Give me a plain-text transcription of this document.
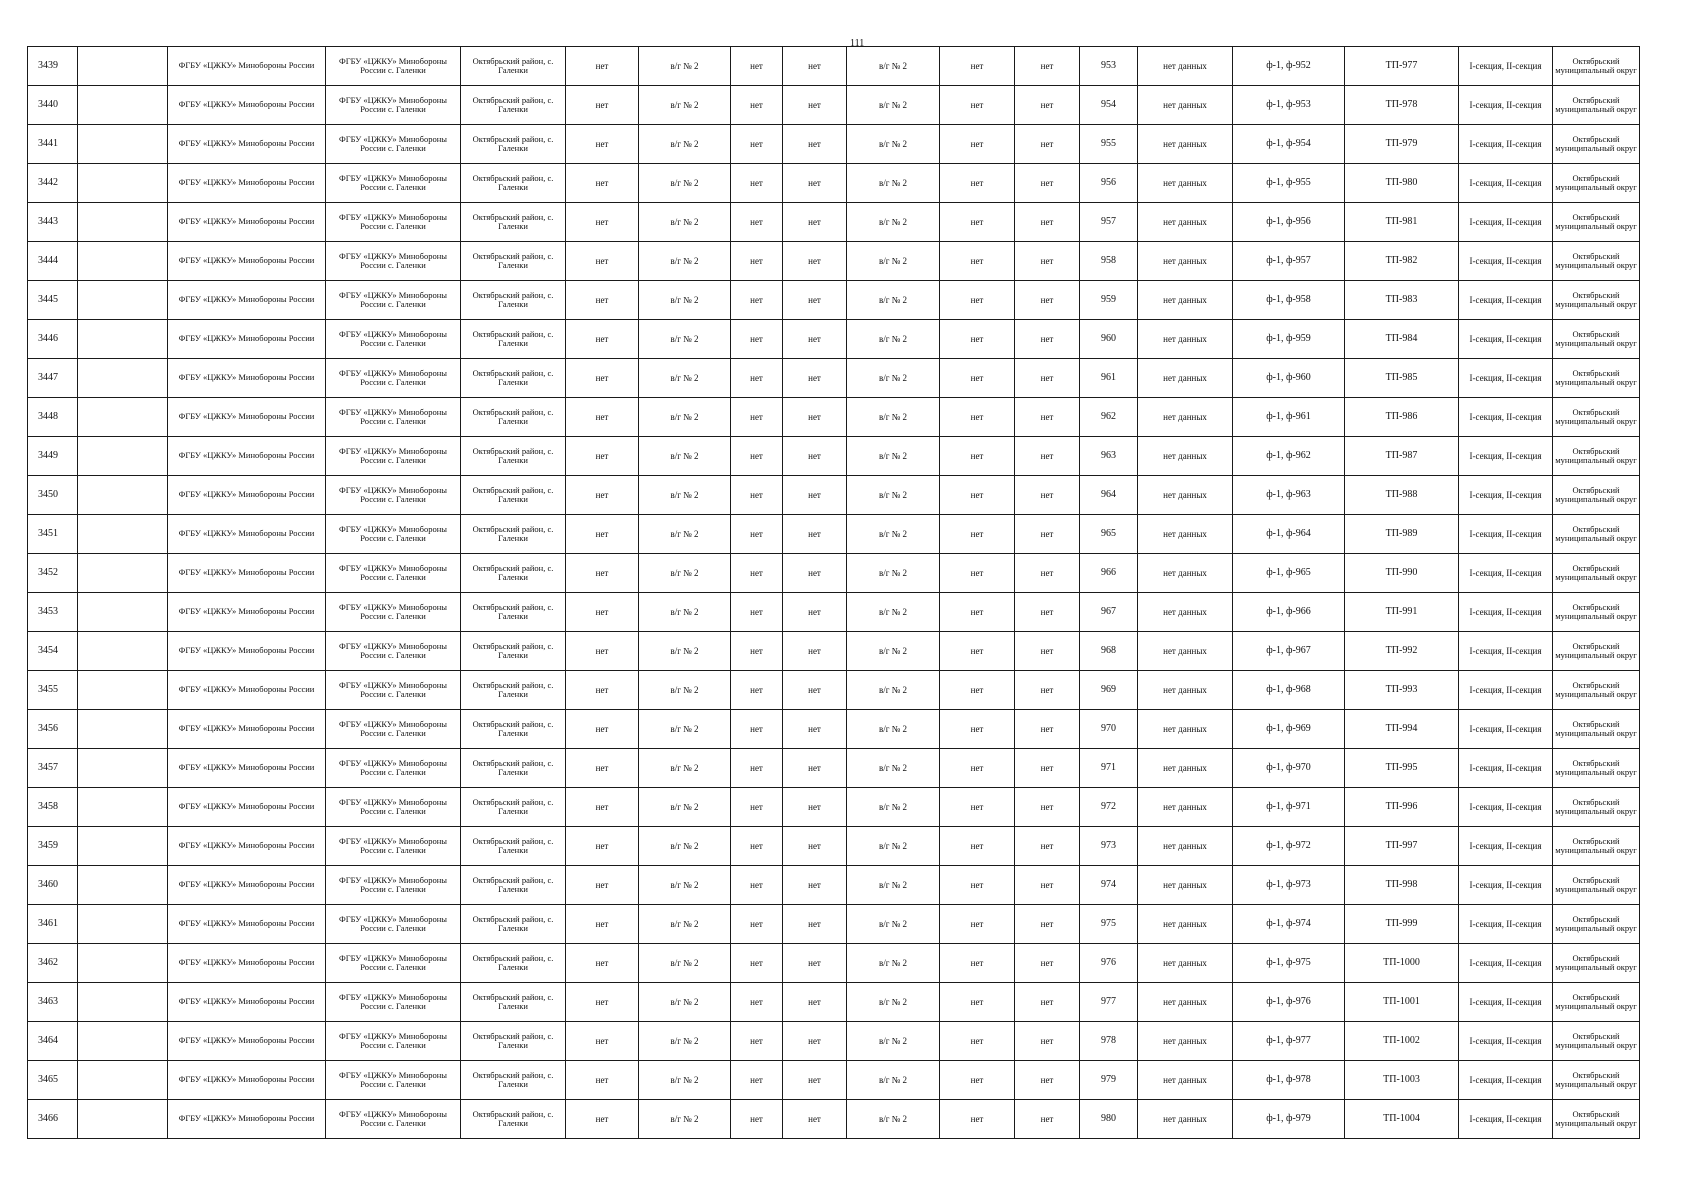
111
3439		ФГБУ «ЦЖКУ» Минобороны России	ФГБУ «ЦЖКУ» Минобороны России с. Галенки	Октябрьский район, с. Галенки	нет	в/г № 2	нет	нет	в/г № 2	нет	нет	953	нет данных	ф-1, ф-952	ТП-977	I-секция, II-секция	Октябрьский муниципальный округ
3440		ФГБУ «ЦЖКУ» Минобороны России	ФГБУ «ЦЖКУ» Минобороны России с. Галенки	Октябрьский район, с. Галенки	нет	в/г № 2	нет	нет	в/г № 2	нет	нет	954	нет данных	ф-1, ф-953	ТП-978	I-секция, II-секция	Октябрьский муниципальный округ
3441		ФГБУ «ЦЖКУ» Минобороны России	ФГБУ «ЦЖКУ» Минобороны России с. Галенки	Октябрьский район, с. Галенки	нет	в/г № 2	нет	нет	в/г № 2	нет	нет	955	нет данных	ф-1, ф-954	ТП-979	I-секция, II-секция	Октябрьский муниципальный округ
3442		ФГБУ «ЦЖКУ» Минобороны России	ФГБУ «ЦЖКУ» Минобороны России с. Галенки	Октябрьский район, с. Галенки	нет	в/г № 2	нет	нет	в/г № 2	нет	нет	956	нет данных	ф-1, ф-955	ТП-980	I-секция, II-секция	Октябрьский муниципальный округ
3443		ФГБУ «ЦЖКУ» Минобороны России	ФГБУ «ЦЖКУ» Минобороны России с. Галенки	Октябрьский район, с. Галенки	нет	в/г № 2	нет	нет	в/г № 2	нет	нет	957	нет данных	ф-1, ф-956	ТП-981	I-секция, II-секция	Октябрьский муниципальный округ
3444		ФГБУ «ЦЖКУ» Минобороны России	ФГБУ «ЦЖКУ» Минобороны России с. Галенки	Октябрьский район, с. Галенки	нет	в/г № 2	нет	нет	в/г № 2	нет	нет	958	нет данных	ф-1, ф-957	ТП-982	I-секция, II-секция	Октябрьский муниципальный округ
3445		ФГБУ «ЦЖКУ» Минобороны России	ФГБУ «ЦЖКУ» Минобороны России с. Галенки	Октябрьский район, с. Галенки	нет	в/г № 2	нет	нет	в/г № 2	нет	нет	959	нет данных	ф-1, ф-958	ТП-983	I-секция, II-секция	Октябрьский муниципальный округ
3446		ФГБУ «ЦЖКУ» Минобороны России	ФГБУ «ЦЖКУ» Минобороны России с. Галенки	Октябрьский район, с. Галенки	нет	в/г № 2	нет	нет	в/г № 2	нет	нет	960	нет данных	ф-1, ф-959	ТП-984	I-секция, II-секция	Октябрьский муниципальный округ
3447		ФГБУ «ЦЖКУ» Минобороны России	ФГБУ «ЦЖКУ» Минобороны России с. Галенки	Октябрьский район, с. Галенки	нет	в/г № 2	нет	нет	в/г № 2	нет	нет	961	нет данных	ф-1, ф-960	ТП-985	I-секция, II-секция	Октябрьский муниципальный округ
3448		ФГБУ «ЦЖКУ» Минобороны России	ФГБУ «ЦЖКУ» Минобороны России с. Галенки	Октябрьский район, с. Галенки	нет	в/г № 2	нет	нет	в/г № 2	нет	нет	962	нет данных	ф-1, ф-961	ТП-986	I-секция, II-секция	Октябрьский муниципальный округ
3449		ФГБУ «ЦЖКУ» Минобороны России	ФГБУ «ЦЖКУ» Минобороны России с. Галенки	Октябрьский район, с. Галенки	нет	в/г № 2	нет	нет	в/г № 2	нет	нет	963	нет данных	ф-1, ф-962	ТП-987	I-секция, II-секция	Октябрьский муниципальный округ
3450		ФГБУ «ЦЖКУ» Минобороны России	ФГБУ «ЦЖКУ» Минобороны России с. Галенки	Октябрьский район, с. Галенки	нет	в/г № 2	нет	нет	в/г № 2	нет	нет	964	нет данных	ф-1, ф-963	ТП-988	I-секция, II-секция	Октябрьский муниципальный округ
3451		ФГБУ «ЦЖКУ» Минобороны России	ФГБУ «ЦЖКУ» Минобороны России с. Галенки	Октябрьский район, с. Галенки	нет	в/г № 2	нет	нет	в/г № 2	нет	нет	965	нет данных	ф-1, ф-964	ТП-989	I-секция, II-секция	Октябрьский муниципальный округ
3452		ФГБУ «ЦЖКУ» Минобороны России	ФГБУ «ЦЖКУ» Минобороны России с. Галенки	Октябрьский район, с. Галенки	нет	в/г № 2	нет	нет	в/г № 2	нет	нет	966	нет данных	ф-1, ф-965	ТП-990	I-секция, II-секция	Октябрьский муниципальный округ
3453		ФГБУ «ЦЖКУ» Минобороны России	ФГБУ «ЦЖКУ» Минобороны России с. Галенки	Октябрьский район, с. Галенки	нет	в/г № 2	нет	нет	в/г № 2	нет	нет	967	нет данных	ф-1, ф-966	ТП-991	I-секция, II-секция	Октябрьский муниципальный округ
3454		ФГБУ «ЦЖКУ» Минобороны России	ФГБУ «ЦЖКУ» Минобороны России с. Галенки	Октябрьский район, с. Галенки	нет	в/г № 2	нет	нет	в/г № 2	нет	нет	968	нет данных	ф-1, ф-967	ТП-992	I-секция, II-секция	Октябрьский муниципальный округ
3455		ФГБУ «ЦЖКУ» Минобороны России	ФГБУ «ЦЖКУ» Минобороны России с. Галенки	Октябрьский район, с. Галенки	нет	в/г № 2	нет	нет	в/г № 2	нет	нет	969	нет данных	ф-1, ф-968	ТП-993	I-секция, II-секция	Октябрьский муниципальный округ
3456		ФГБУ «ЦЖКУ» Минобороны России	ФГБУ «ЦЖКУ» Минобороны России с. Галенки	Октябрьский район, с. Галенки	нет	в/г № 2	нет	нет	в/г № 2	нет	нет	970	нет данных	ф-1, ф-969	ТП-994	I-секция, II-секция	Октябрьский муниципальный округ
3457		ФГБУ «ЦЖКУ» Минобороны России	ФГБУ «ЦЖКУ» Минобороны России с. Галенки	Октябрьский район, с. Галенки	нет	в/г № 2	нет	нет	в/г № 2	нет	нет	971	нет данных	ф-1, ф-970	ТП-995	I-секция, II-секция	Октябрьский муниципальный округ
3458		ФГБУ «ЦЖКУ» Минобороны России	ФГБУ «ЦЖКУ» Минобороны России с. Галенки	Октябрьский район, с. Галенки	нет	в/г № 2	нет	нет	в/г № 2	нет	нет	972	нет данных	ф-1, ф-971	ТП-996	I-секция, II-секция	Октябрьский муниципальный округ
3459		ФГБУ «ЦЖКУ» Минобороны России	ФГБУ «ЦЖКУ» Минобороны России с. Галенки	Октябрьский район, с. Галенки	нет	в/г № 2	нет	нет	в/г № 2	нет	нет	973	нет данных	ф-1, ф-972	ТП-997	I-секция, II-секция	Октябрьский муниципальный округ
3460		ФГБУ «ЦЖКУ» Минобороны России	ФГБУ «ЦЖКУ» Минобороны России с. Галенки	Октябрьский район, с. Галенки	нет	в/г № 2	нет	нет	в/г № 2	нет	нет	974	нет данных	ф-1, ф-973	ТП-998	I-секция, II-секция	Октябрьский муниципальный округ
3461		ФГБУ «ЦЖКУ» Минобороны России	ФГБУ «ЦЖКУ» Минобороны России с. Галенки	Октябрьский район, с. Галенки	нет	в/г № 2	нет	нет	в/г № 2	нет	нет	975	нет данных	ф-1, ф-974	ТП-999	I-секция, II-секция	Октябрьский муниципальный округ
3462		ФГБУ «ЦЖКУ» Минобороны России	ФГБУ «ЦЖКУ» Минобороны России с. Галенки	Октябрьский район, с. Галенки	нет	в/г № 2	нет	нет	в/г № 2	нет	нет	976	нет данных	ф-1, ф-975	ТП-1000	I-секция, II-секция	Октябрьский муниципальный округ
3463		ФГБУ «ЦЖКУ» Минобороны России	ФГБУ «ЦЖКУ» Минобороны России с. Галенки	Октябрьский район, с. Галенки	нет	в/г № 2	нет	нет	в/г № 2	нет	нет	977	нет данных	ф-1, ф-976	ТП-1001	I-секция, II-секция	Октябрьский муниципальный округ
3464		ФГБУ «ЦЖКУ» Минобороны России	ФГБУ «ЦЖКУ» Минобороны России с. Галенки	Октябрьский район, с. Галенки	нет	в/г № 2	нет	нет	в/г № 2	нет	нет	978	нет данных	ф-1, ф-977	ТП-1002	I-секция, II-секция	Октябрьский муниципальный округ
3465		ФГБУ «ЦЖКУ» Минобороны России	ФГБУ «ЦЖКУ» Минобороны России с. Галенки	Октябрьский район, с. Галенки	нет	в/г № 2	нет	нет	в/г № 2	нет	нет	979	нет данных	ф-1, ф-978	ТП-1003	I-секция, II-секция	Октябрьский муниципальный округ
3466		ФГБУ «ЦЖКУ» Минобороны России	ФГБУ «ЦЖКУ» Минобороны России с. Галенки	Октябрьский район, с. Галенки	нет	в/г № 2	нет	нет	в/г № 2	нет	нет	980	нет данных	ф-1, ф-979	ТП-1004	I-секция, II-секция	Октябрьский муниципальный округ
